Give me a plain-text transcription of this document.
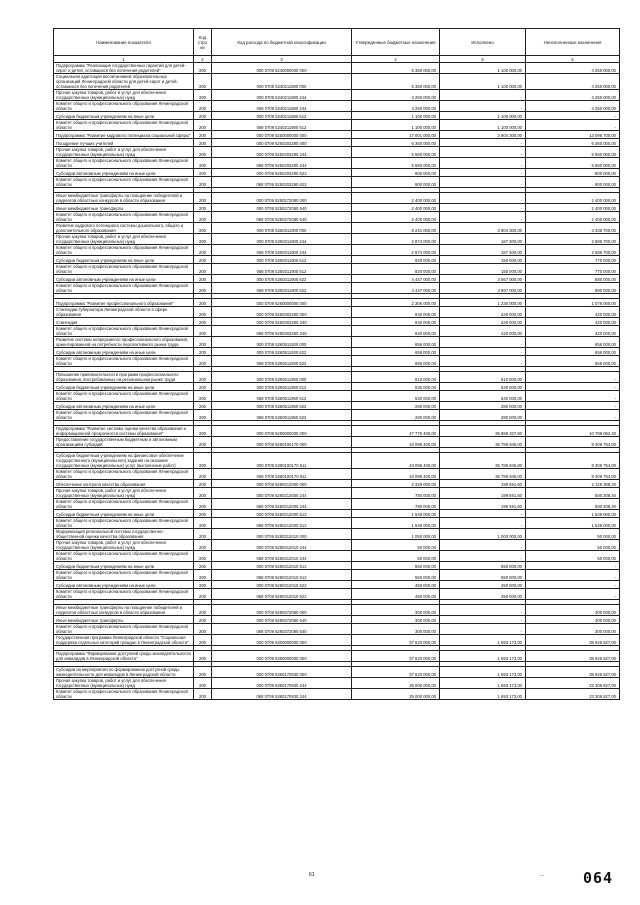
Наименование показателя	Код стро ки	Код расхода по бюджетной классификации	Утвержденные бюджетные назначения	Исполнено	Неисполненные назначения
1	2	3	4	5	6
Подпрограмма "Реализация государственных гарантий для детей-сирот и детей, оставшихся без попечения родителей"	200	000 0709 5240000000 000	5 350 000,00	1 100 000,00	4 250 000,00
Социальная адаптация воспитанников образовательных организаций Ленинградской области для детей-сирот и детей, оставшихся без попечения родителей	200	000 0709 5240211880 000	5 350 000,00	1 100 000,00	4 250 000,00
Прочая закупка товаров, работ и услуг для обеспечения государственных (муниципальных) нужд	200	000 0709 5240211880 244	4 250 000,00	-	4 250 000,00
Комитет общего и профессионального образования Ленинградской области	200	068 0709 5240211880 244	4 250 000,00	-	4 250 000,00
Субсидии бюджетным учреждениям на иные цели	200	000 0709 5240211880 612	1 100 000,00	1 100 000,00	-
Комитет общего и профессионального образования Ленинградской области	200	068 0709 5240211880 612	1 100 000,00	1 100 000,00	-
Подпрограмма "Развитие кадрового потенциала социальной сферы"	200	000 0709 5250000000 000	17 001 000,00	3 904 300,00	13 096 700,00
Поощрение лучших учителей	200	000 0709 5250203290 000	6 360 000,00	-	6 360 000,00
Прочая закупка товаров, работ и услуг для обеспечения государственных (муниципальных) нужд	200	000 0709 5250203290 244	5 560 000,00	-	5 560 000,00
Комитет общего и профессионального образования Ленинградской области	200	068 0709 5250203290 244	5 560 000,00	-	5 560 000,00
Субсидии автономным учреждениям на иные цели	200	000 0709 5250203290 622	800 000,00	-	800 000,00
Комитет общего и профессионального образования Ленинградской области	200	068 0709 5250203290 622	800 000,00	-	800 000,00

Иные межбюджетные трансферты на поощрение победителей и лауреатов областных конкурсов в области образования	200	000 0709 5250272080 000	2 400 000,00	-	2 400 000,00
Иные межбюджетные трансферты	200	000 0709 5250272080 540	2 400 000,00	-	2 400 000,00
Комитет общего и профессионального образования Ленинградской области	200	068 0709 5250272080 540	2 400 000,00	-	2 400 000,00
Развитие кадрового потенциала системы дошкольного, общего и дополнительного образования	200	000 0709 5250311900 000	8 241 000,00	3 904 300,00	4 336 700,00
Прочая закупка товаров, работ и услуг для обеспечения государственных (муниципальных) нужд	200	000 0709 5250311900 244	2 874 000,00	187 300,00	2 686 700,00
Комитет общего и профессионального образования Ленинградской области	200	068 0709 5250311900 244	2 874 000,00	187 300,00	2 686 700,00
Субсидии бюджетным учреждениям на иные цели	200	000 0709 5250311900 612	920 000,00	150 000,00	770 000,00
Комитет общего и профессионального образования Ленинградской области	200	068 0709 5250311900 612	920 000,00	150 000,00	770 000,00
Субсидии автономным учреждениям на иные цели	200	000 0709 5250311900 622	4 447 000,00	3 567 000,00	880 000,00
Комитет общего и профессионального образования Ленинградской области	200	068 0709 5250311900 622	4 447 000,00	3 567 000,00	880 000,00

Подпрограмма "Развитие профессионального образования"	200	000 0709 5260000000 000	2 306 000,00	1 230 000,00	1 076 000,00
Стипендии Губернатора Ленинградской области в сфере образования	200	000 0709 5260303260 000	840 000,00	420 000,00	420 000,00
Стипендии	200	000 0709 5260303260 340	840 000,00	420 000,00	420 000,00
Комитет общего и профессионального образования Ленинградской области	200	068 0709 5260303260 340	840 000,00	420 000,00	420 000,00
Развитие системы непрерывного профессионального образования, ориентированной на потребности перспективного рынка труда	200	000 0709 5260511930 000	656 000,00	-	656 000,00
Субсидии автономным учреждениям на иные цели	200	000 0709 5260511930 622	656 000,00	-	656 000,00
Комитет общего и профессионального образования Ленинградской области	200	068 0709 5260511930 622	656 000,00	-	656 000,00

Повышение привлекательности программ профессионального образования, востребованных на региональном рынке труда	200	000 0709 5260511950 000	810 000,00	810 000,00	-
Субсидии бюджетным учреждениям на иные цели	200	000 0709 5260511950 612	530 000,00	530 000,00	-
Комитет общего и профессионального образования Ленинградской области	200	068 0709 5260511950 612	530 000,00	530 000,00	-
Субсидии автономным учреждениям на иные цели	200	000 0709 5260511950 622	280 000,00	280 000,00	-
Комитет общего и профессионального образования Ленинградской области	200	068 0709 5260511950 622	280 000,00	280 000,00	-

Подпрограмма "Развитие системы оценки качества образования и информационной прозрачности системы образования"	200	000 0709 5280000000 000	47 775 400,00	36 986 337,60	10 789 062,40
Предоставление государственным бюджетным и автономным организациям субсидий	200	000 0709 5280100170 000	44 096 400,00	35 786 845,00	8 309 754,00

Субсидии бюджетным учреждениям на финансовое обеспечение государственного (муниципального) задания на оказание государственных (муниципальных) услуг (выполнение работ)	200	000 0709 5280100170 611	44 096 400,00	35 786 845,00	8 309 754,00
Комитет общего и профессионального образования Ленинградской области	200	068 0709 5280100170 611	44 096 400,00	35 786 845,00	8 309 754,00
Обеспечение контроля качества образования	200	000 0709 5280212000 000	2 329 000,00	199 591,60	2 129 308,40
Прочая закупка товаров, работ и услуг для обеспечения государственных (муниципальных) нужд	200	000 0709 5280212000 244	780 000,00	199 591,60	580 308,40
Комитет общего и профессионального образования Ленинградской области	200	068 0709 5280212000 244	780 000,00	199 591,60	580 308,40
Субсидии бюджетным учреждениям на иные цели	200	000 0709 5280212000 612	1 549 000,00	-	1 549 000,00
Комитет общего и профессионального образования Ленинградской области	200	068 0709 5280212000 612	1 549 000,00	-	1 549 000,00
Модернизация региональной системы государственно-общественной оценки качества образования	200	000 0709 5280312010 000	1 050 000,00	1 000 000,00	50 000,00
Прочая закупка товаров, работ и услуг для обеспечения государственных (муниципальных) нужд	200	000 0709 5280312010 244	50 000,00	-	50 000,00
Комитет общего и профессионального образования Ленинградской области	200	068 0709 5280312010 244	50 000,00	-	50 000,00
Субсидии бюджетным учреждениям на иные цели	200	000 0709 5280312010 612	550 000,00	550 000,00	-
Комитет общего и профессионального образования Ленинградской области	200	068 0709 5280312010 612	550 000,00	550 000,00	-
Субсидии автономным учреждениям на иные цели	200	000 0709 5280312010 622	450 000,00	450 000,00	-
Комитет общего и профессионального образования Ленинградской области	200	068 0709 5280312010 622	450 000,00	450 000,00	-

Иные межбюджетные трансферты на поощрение победителей и лауреатов областных конкурсов в области образования	200	000 0709 5280372080 000	300 000,00	-	300 000,00
Иные межбюджетные трансферты	200	000 0709 5280372080 540	300 000,00	-	300 000,00
Комитет общего и профессионального образования Ленинградской области	200	068 0709 5280372080 540	300 000,00	-	300 000,00
Государственная программа Ленинградской области "Социальная поддержка отдельных категорий граждан в Ленинградской области"	200	000 0709 5300000000 000	37 620 000,00	1 693 173,00	35 926 827,00

Подпрограмма "Формирование доступной среды жизнедеятельности для инвалидов в Ленинградской области"	200	000 0709 5360000000 000	37 620 000,00	1 693 173,00	35 926 827,00

Субсидии на мероприятия по формированию доступной среды жизнедеятельности для инвалидов в Ленинградской области	200	000 0709 5360170930 000	37 620 000,00	1 693 173,00	35 926 827,00
Прочая закупка товаров, работ и услуг для обеспечения государственных (муниципальных) нужд	200	000 0709 5360170930 244	25 000 000,00	1 693 173,00	23 306 827,00
Комитет общего и профессионального образования Ленинградской области	200	068 0709 5360170930 244	25 000 000,00	1 693 173,00	23 306 827,00
61	...	064
